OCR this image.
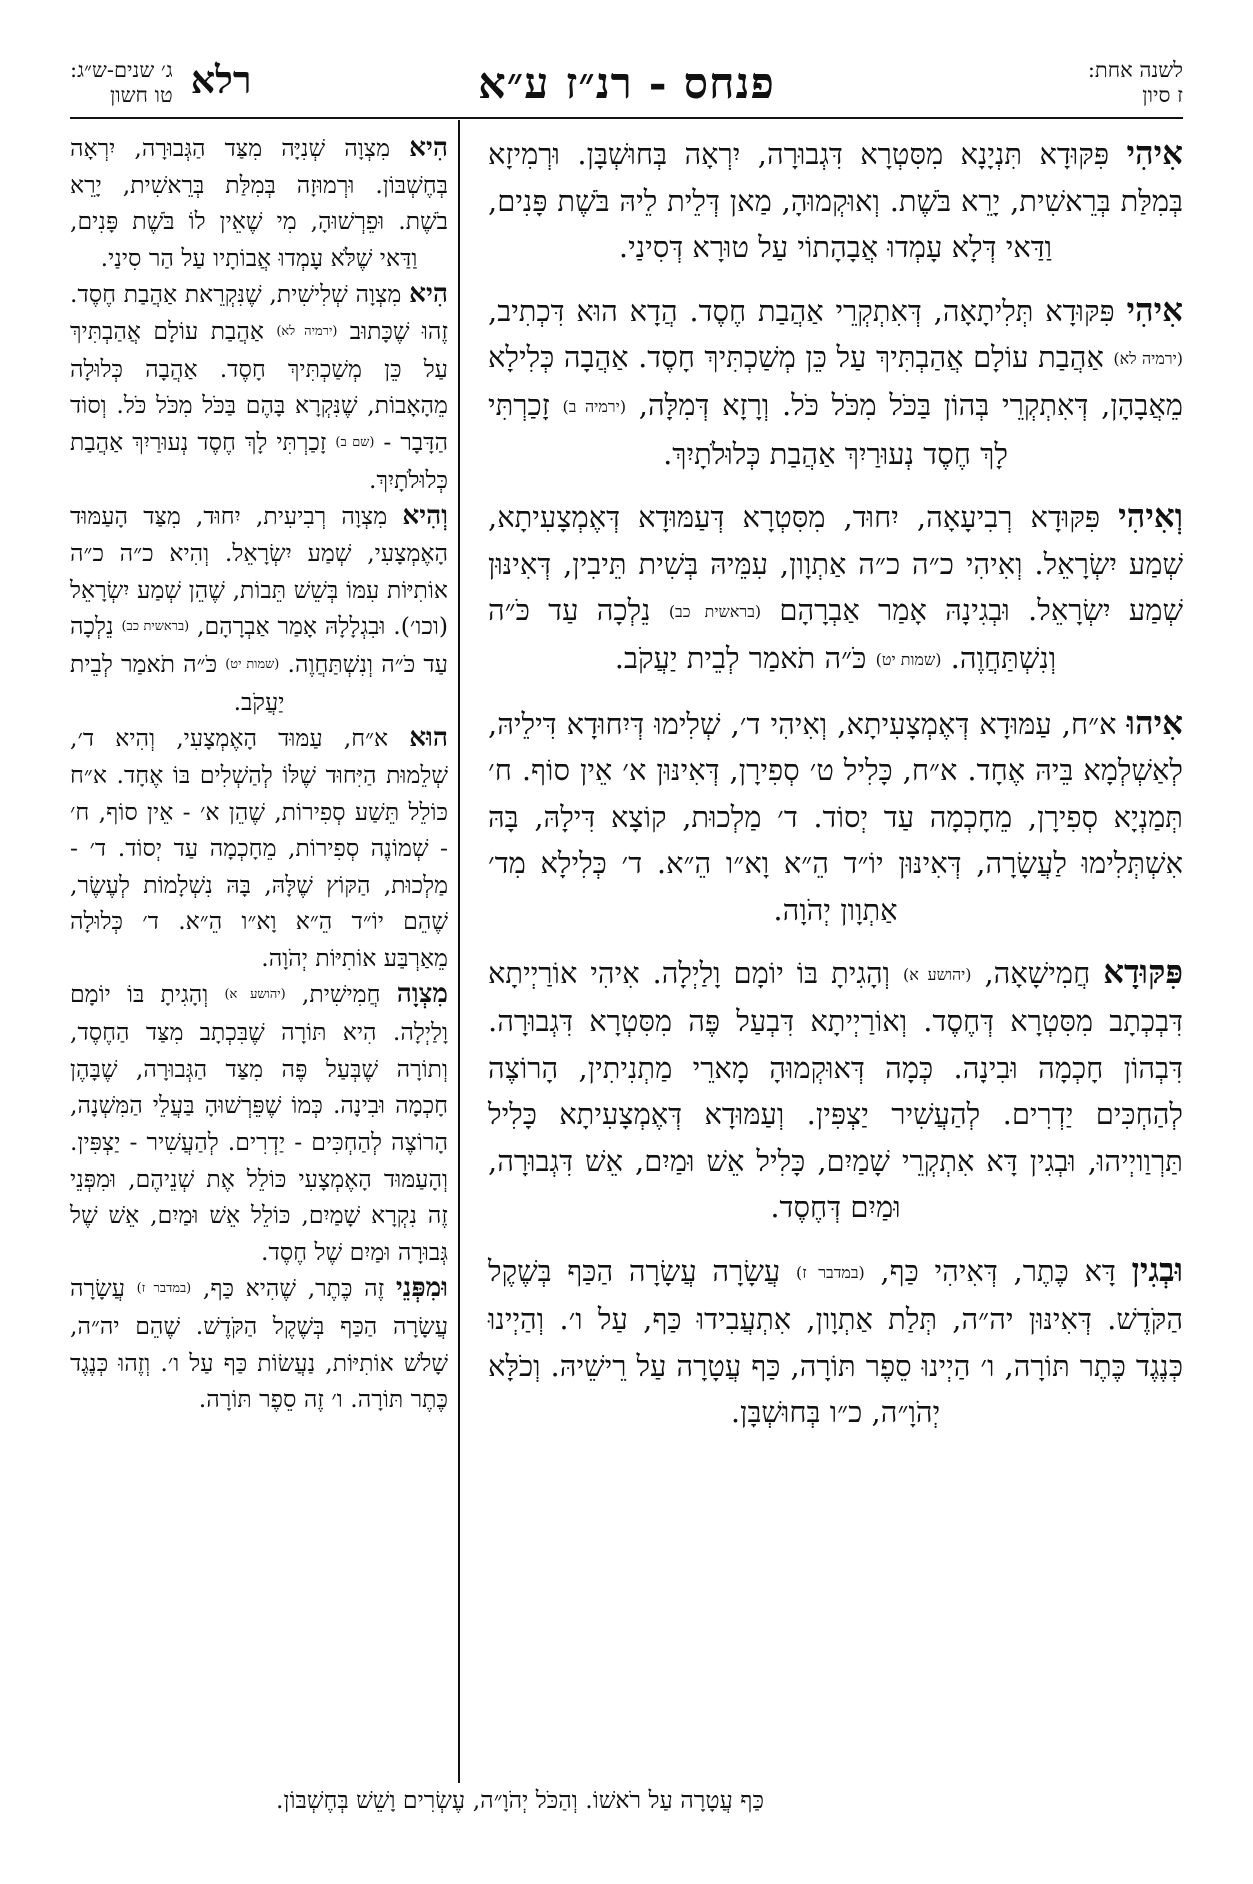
לשנה אחת:
ז סיון
פנחס - רנ״ז ע״א
ג׳ שנים-ש״ג:
טו חשון רלא

אִיהִי פִּקּוּדָא תִּנְיָנָא מִסִּטְרָא דִּגְבוּרָה, יִרְאָה בְּחוּשְׁבָּן. וּרְמִיזָא בְּמִלַּת בְּרֵאשִׁית, יָרֵא בֹּשֶׁת. וְאוּקְמוּהָ, מַאן דְּלֵית לֵיהּ בֹּשֶׁת פָּנִים, וַדַּאי דְּלָא עָמְדוּ אֲבָהָתוֹי עַל טוּרָא דְּסִינַי.

אִיהִי פִּקּוּדָא תְּלִיתָאָה, דְּאִתְקְרֵי אַהֲבַת חֶסֶד. הֲדָא הוּא דִּכְתִיב, (ירמיה לא) אַהֲבַת עוֹלָם אֲהַבְתִּיךְ עַל כֵּן מְשַׁכְתִּיךְ חָסֶד. אַהֲבָה כְּלִילָא מֵאֲבָהָן, דְּאִתְקְרֵי בְּהוֹן בַּכֹּל מִכֹּל כֹּל. וְרָזָא דְּמִלָּה, (ירמיה ב) זָכַרְתִּי לָךְ חֶסֶד נְעוּרַיִךְ אַהֲבַת כְּלוּלֹתָיִךְ.

וְאִיהִי פִּקּוּדָא רְבִיעָאָה, יִחוּד, מִסִּטְרָא דְּעַמּוּדָא דְּאֶמְצָעִיתָא, שְׁמַע יִשְׂרָאֵל. וְאִיהִי כ״ה כ״ה אַתְוָון, עִמֵּיהּ בְּשִׁית תֵּיבִין, דְּאִינּוּן שְׁמַע יִשְׂרָאֵל. וּבְגִינָהּ אָמַר אַבְרָהָם (בראשית כב) נֵלְכָה עַד כֹּ״ה וְנִשְׁתַּחֲוֶה. (שמות יט) כֹּ״ה תֹאמַר לְבֵית יַעֲקֹב.

אִיהוּ א״ח, עַמּוּדָא דְּאֶמְצָעִיתָא, וְאִיהִי ד׳, שְׁלִימוּ דְּיִחוּדָא דִּילֵיהּ, לְאַשְׁלְמָא בֵּיהּ אֶחָד. א״ח, כָּלִיל ט׳ סְפִירָן, דְּאִינּוּן א׳ אֵין סוֹף. ח׳ תְּמַנְיָא סְפִירָן, מֵחָכְמָה עַד יְסוֹד. ד׳ מַלְכוּת, קוֹצָא דִּילָהּ, בָּהּ אִשְׁתְּלִימוּ לַעֲשָׂרָה, דְּאִינּוּן יוֹ״ד הֵ״א וָא״ו הֵ״א. ד׳ כְּלִילָא מִד׳ אַתְוָון יְהֹוָה.

פִּקּוּדָא חֲמִישָׁאָה, (יהושע א) וְהָגִיתָ בּוֹ יוֹמָם וָלַיְלָה. אִיהִי אוֹרַיְיתָא דִּבְכְתָב מִסִּטְרָא דְּחֶסֶד. וְאוֹרַיְיתָא דִּבְעַל פֶּה מִסִּטְרָא דִּגְבוּרָה. דִּבְהוֹן חָכְמָה וּבִינָה. כְּמָה דְּאוּקְמוּהָ מָארֵי מַתְנִיתִין, הָרוֹצֶה לְהַחְכִּים יַדְרִים. לְהַעֲשִׁיר יַצְפִּין. וְעַמּוּדָא דְּאֶמְצָעִיתָא כָּלִיל תַּרְוַויְיהוּ, וּבְגִין דָּא אִתְקְרֵי שָׁמַיִם, כָּלִיל אֵשׁ וּמַיִם, אֵשׁ דִּגְבוּרָה, וּמַיִם דְּחֶסֶד.

וּבְגִין דָּא כֶּתֶר, דְּאִיהִי כַּף, (במדבר ז) עֲשָׂרָה עֲשָׂרָה הַכַּף בְּשֶׁקֶל הַקֹּדֶשׁ. דְּאִינּוּן יה״ה, תְּלַת אַתְוָון, אִתְעֲבִידוּ כַּף, עַל ו׳. וְהַיְינוּ כְּנֶגֶד כֶּתֶר תּוֹרָה, ו׳ הַיְינוּ סֵפֶר תּוֹרָה, כַּף עֲטָרָה עַל רֵישֵׁיהּ. וְכֹלָּא יְהֹוָ״ה, כ״ו בְּחוּשְׁבָּן.

הִיא מִצְוָה שְׁנִיָּה מִצַּד הַגְּבוּרָה, יִרְאָה בְּחֶשְׁבּוֹן. וּרְמוּזָה בְּמִלַּת בְּרֵאשִׁית, יָרֵא בֹשֶׁת. וּפֵרְשׁוּהָ, מִי שֶׁאֵין לוֹ בֹּשֶׁת פָּנִים, וַדַּאי שֶׁלֹּא עָמְדוּ אֲבוֹתָיו עַל הַר סִינַי.

הִיא מִצְוָה שְׁלִישִׁית, שֶׁנִּקְרֵאת אַהֲבַת חֶסֶד. זֶהוּ שֶׁכָּתוּב (ירמיה לא) אַהֲבַת עוֹלָם אֲהַבְתִּיךְ עַל כֵּן מְשַׁכְתִּיךְ חָסֶד. אַהֲבָה כְּלוּלָה מֵהָאָבוֹת, שֶׁנִּקְרָא בָּהֶם בַּכֹּל מִכֹּל כֹּל. וְסוֹד הַדָּבָר - (שם ב) זָכַרְתִּי לָךְ חֶסֶד נְעוּרַיִךְ אַהֲבַת כְּלוּלֹתָיִךְ.

וְהִיא מִצְוָה רְבִיעִית, יִחוּד, מִצַּד הָעַמּוּד הָאֶמְצָעִי, שְׁמַע יִשְׂרָאֵל. וְהִיא כ״ה כ״ה אוֹתִיּוֹת עִמּוֹ בְּשֵׁשׁ תֵּבוֹת, שֶׁהֵן שְׁמַע יִשְׂרָאֵל (וכו׳). וּבִגְלָלָהּ אָמַר אַבְרָהָם, (בראשית כב) נֵלְכָה עַד כֹּ״ה וְנִשְׁתַּחֲוֶה. (שמות יט) כֹּ״ה תֹאמַר לְבֵית יַעֲקֹב.

הוּא א״ח, עַמּוּד הָאֶמְצָעִי, וְהִיא ד׳, שְׁלֵמוּת הַיִּחוּד שֶׁלּוֹ לְהַשְׁלִים בּוֹ אֶחָד. א״ח כּוֹלֵל תֵּשַׁע סְפִירוֹת, שֶׁהֵן א׳ - אֵין סוֹף, ח׳ - שְׁמוֹנֶה סְפִירוֹת, מֵחָכְמָה עַד יְסוֹד. ד׳ - מַלְכוּת, הַקּוֹץ שֶׁלָּהּ, בָּהּ נִשְׁלָמוֹת לְעֶשֶׂר, שֶׁהֵם יוֹ״ד הֵ״א וָא״ו הֵ״א. ד׳ כְּלוּלָה מֵאַרְבַּע אוֹתִיּוֹת יְהֹוָה.

מִצְוָה חֲמִישִׁית, (יהושע א) וְהָגִיתָ בּוֹ יוֹמָם וָלַיְלָה. הִיא תּוֹרָה שֶׁבִּכְתָב מִצַּד הַחֶסֶד, וְתוֹרָה שֶׁבְּעַל פֶּה מִצַּד הַגְּבוּרָה, שֶׁבָּהֶן חָכְמָה וּבִינָה. כְּמוֹ שֶׁפֵּרְשׁוּהָ בַּעֲלֵי הַמִּשְׁנָה, הָרוֹצֶה לְהַחְכִּים - יַדְרִים. לְהַעֲשִׁיר - יַצְפִּין. וְהָעַמּוּד הָאֶמְצָעִי כּוֹלֵל אֶת שְׁנֵיהֶם, וּמִפְּנֵי זֶה נִקְרָא שָׁמַיִם, כּוֹלֵל אֵשׁ וּמַיִם, אֵשׁ שֶׁל גְּבוּרָה וּמַיִם שֶׁל חֶסֶד.

וּמִפְּנֵי זֶה כֶּתֶר, שֶׁהִיא כַּף, (במדבר ז) עֲשָׂרָה עֲשָׂרָה הַכַּף בְּשֶׁקֶל הַקֹּדֶשׁ. שֶׁהֵם יה״ה, שָׁלֹשׁ אוֹתִיּוֹת, נַעֲשׂוֹת כַּף עַל ו׳. וְזֶהוּ כְּנֶגֶד כֶּתֶר תּוֹרָה. ו׳ זֶה סֵפֶר תּוֹרָה.

כַּף עֲטָרָה עַל רֹאשׁוֹ. וְהַכֹּל יְהֹוָ״ה, עֶשְׂרִים וָשֵׁשׁ בְּחֶשְׁבּוֹן.
